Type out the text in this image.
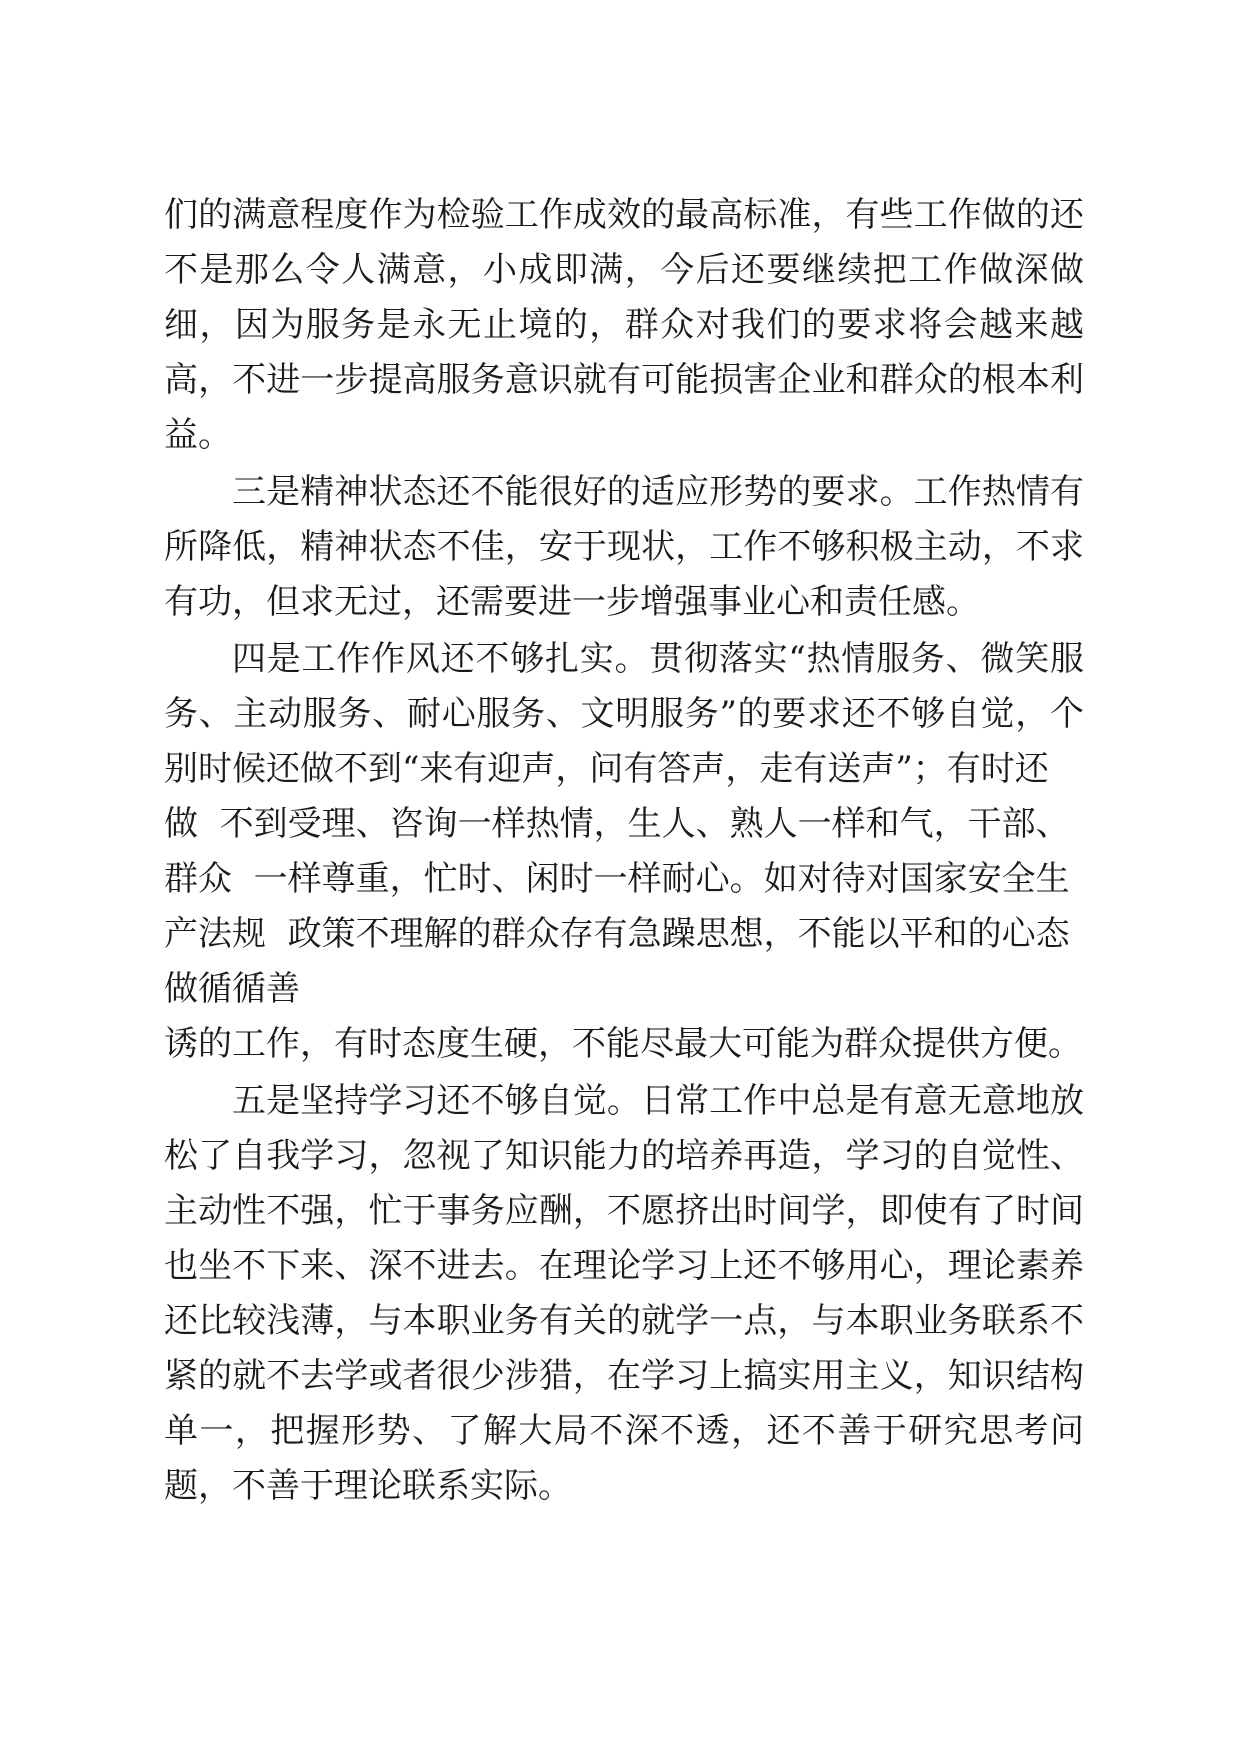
们的满意程度作为检验工作成效的最高标准，有些工作做的还
不是那么令人满意，小成即满，今后还要继续把工作做深做
细，因为服务是永无止境的，群众对我们的要求将会越来越
高，不进一步提高服务意识就有可能损害企业和群众的根本利
益。
三是精神状态还不能很好的适应形势的要求。工作热情有
所降低，精神状态不佳，安于现状，工作不够积极主动，不求
有功，但求无过，还需要进一步增强事业心和责任感。
四是工作作风还不够扎实。贯彻落实“热情服务、微笑服
务、主动服务、耐心服务、文明服务”的要求还不够自觉，个
别时候还做不到“来有迎声，问有答声，走有送声”；有时还
做  不到受理、咨询一样热情，生人、熟人一样和气，干部、
群众  一样尊重，忙时、闲时一样耐心。如对待对国家安全生
产法规  政策不理解的群众存有急躁思想，不能以平和的心态
做循循善
诱的工作，有时态度生硬，不能尽最大可能为群众提供方便。
五是坚持学习还不够自觉。日常工作中总是有意无意地放
松了自我学习，忽视了知识能力的培养再造，学习的自觉性、
主动性不强，忙于事务应酬，不愿挤出时间学，即使有了时间
也坐不下来、深不进去。在理论学习上还不够用心，理论素养
还比较浅薄，与本职业务有关的就学一点，与本职业务联系不
紧的就不去学或者很少涉猎，在学习上搞实用主义，知识结构
单一，把握形势、了解大局不深不透，还不善于研究思考问
题，不善于理论联系实际。
